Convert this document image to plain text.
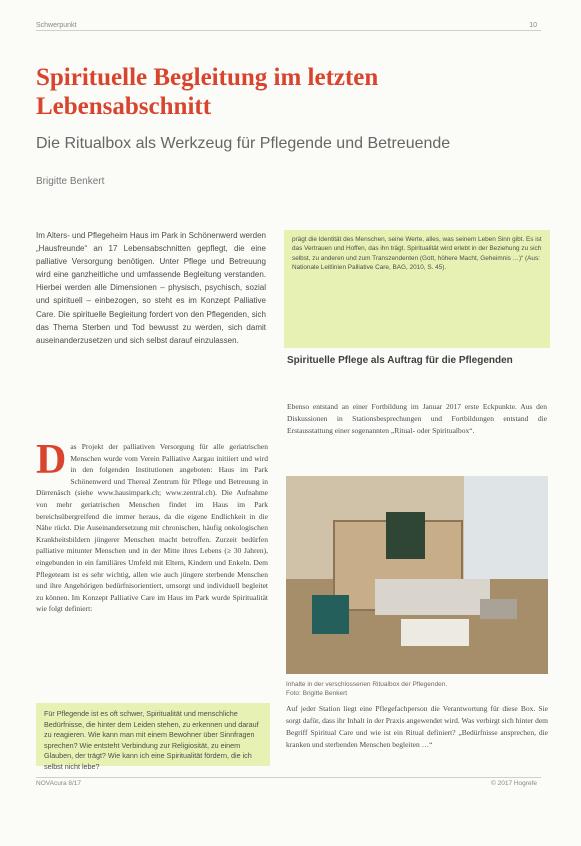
Schwerpunkt	10
Spirituelle Begleitung im letzten Lebensabschnitt
Die Ritualbox als Werkzeug für Pflegende und Betreuende
Brigitte Benkert
Im Alters- und Pflegeheim Haus im Park in Schönenwerd werden „Hausfreunde“ an 17 Lebensabschnitten gepflegt, die eine palliative Versorgung benötigen. Unter Pflege und Betreuung wird eine ganzheitliche und umfassende Begleitung verstanden. Hierbei werden alle Dimensionen – physisch, psychisch, sozial und spirituell – einbezogen, so steht es im Konzept Palliative Care. Die spirituelle Begleitung fordert von den Pflegenden, sich das Thema Sterben und Tod bewusst zu werden, sich damit auseinanderzusetzen und sich selbst darauf einzulassen.
prägt die Identität des Menschen, seine Werte, alles, was seinem Leben Sinn gibt. Es ist das Vertrauen und Hoffen, das ihn trägt. Spiritualität wird erlebt in der Beziehung zu sich selbst, zu anderen und zum Transzendenten (Gott, höhere Macht, Geheimnis …)“ (Aus: Nationale Leitlinien Palliative Care, BAG, 2010, S. 45).
Spirituelle Pflege als Auftrag für die Pflegenden
Ebenso entstand an einer Fortbildung im Januar 2017 erste Eckpunkte. Aus den Diskussionen in Stationsbesprechungen und Fortbildungen entstand die Erstausstattung einer sogenannten „Ritual- oder Spiritualbox“.
Das Projekt der palliativen Versorgung für alle geriatrischen Menschen wurde vom Verein Palliative Aargau initiiert und wird in den folgenden Institutionen angeboten: Haus im Park Schönenwerd und Thereal Zentrum für Pflege und Betreuung in Dürrenäsch (siehe www.hausimpark.ch; www.zentral.ch). Die Aufnahme von mehr geriatrischen Menschen findet im Haus im Park bereichsübergreifend die immer heraus, da die eigene Endlichkeit in die Nähe rückt. Die Auseinandersetzung mit chronischen, häufig onkologischen Krankheitsbildern jüngerer Menschen macht betroffen. Zurzeit bedürfen palliative mitunter Menschen und in der Mitte ihres Lebens (≥ 30 Jahren), eingebunden in ein familiäres Umfeld mit Eltern, Kindern und Enkeln. Dem Pflegeteam ist es sehr wichtig, allen wie auch jüngere sterbende Menschen und ihre Angehörigen bedürfnisorientiert, umsorgt und individuell begleitet zu können. Im Konzept Palliative Care im Haus im Park wurde Spiritualität wie folgt definiert:
Für Pflegende ist es oft schwer, Spiritualität und menschliche Bedürfnisse, die hinter dem Leiden stehen, zu erkennen und darauf zu reagieren. Wie kann man mit einem Bewohner über Sinnfragen sprechen? Wie entsteht Verbindung zur Religiosität, zu einem Glauben, der trägt? Wie kann ich eine Spiritualität fördern, die ich selbst nicht lebe?
Inhalte in der verschlossenen Ritualbox der Pflegenden.
Foto: Brigitte Benkert
Auf jeder Station liegt eine Pflegefachperson die Verantwortung für diese Box. Sie sorgt dafür, dass ihr Inhalt in der Praxis angewendet wird. Was verbirgt sich hinter dem Begriff Spiritual Care und wie ist ein Ritual definiert? „Bedürfnisse ansprechen, die kranken und sterbenden Menschen begleiten …“
NOVAcura 8/17	© 2017 Hogrefe
